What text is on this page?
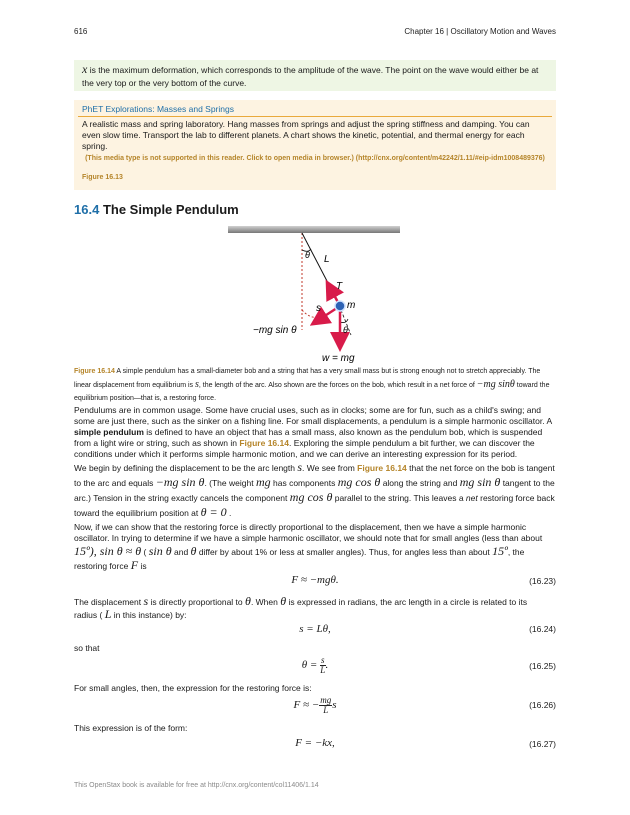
616	Chapter 16 | Oscillatory Motion and Waves

x is the maximum deformation, which corresponds to the amplitude of the wave. The point on the wave would either be at the very top or the very bottom of the curve.

PhET Explorations: Masses and Springs
A realistic mass and spring laboratory. Hang masses from springs and adjust the spring stiffness and damping. You can even slow time. Transport the lab to different planets. A chart shows the kinetic, potential, and thermal energy for each spring.
(This media type is not supported in this reader. Click to open media in browser.) (http://cnx.org/content/m42242/1.11/#eip-idm1008489376)
Figure 16.13
16.4 The Simple Pendulum
θ L
T
s	m
−mg sin θ	θ
w = mg
Figure 16.14 A simple pendulum has a small-diameter bob and a string that has a very small mass but is strong enough not to stretch appreciably. The linear displacement from equilibrium is s, the length of the arc. Also shown are the forces on the bob, which result in a net force of −mg sinθ toward the equilibrium position—that is, a restoring force.
Pendulums are in common usage. Some have crucial uses, such as in clocks; some are for fun, such as a child's swing; and some are just there, such as the sinker on a fishing line. For small displacements, a pendulum is a simple harmonic oscillator. A simple pendulum is defined to have an object that has a small mass, also known as the pendulum bob, which is suspended from a light wire or string, such as shown in Figure 16.14. Exploring the simple pendulum a bit further, we can discover the conditions under which it performs simple harmonic motion, and we can derive an interesting expression for its period.
We begin by defining the displacement to be the arc length s. We see from Figure 16.14 that the net force on the bob is tangent
to the arc and equals −mg sin θ. (The weight mg has components mg cos θ along the string and mg sin θ tangent to the
arc.) Tension in the string exactly cancels the component mg cos θ parallel to the string. This leaves a net restoring force back
toward the equilibrium position at θ = 0 .
Now, if we can show that the restoring force is directly proportional to the displacement, then we have a simple harmonic oscillator. In trying to determine if we have a simple harmonic oscillator, we should note that for small angles (less than about
15º), sin θ ≈ θ ( sin θ and θ differ by about 1% or less at smaller angles). Thus, for angles less than about 15º, the
restoring force F is
F ≈ −mgθ.	(16.23)
The displacement s is directly proportional to θ. When θ is expressed in radians, the arc length in a circle is related to its
radius ( L in this instance) by:
s = Lθ,	(16.24)
so that
$\theta = \frac{s}{L}$ .	(16.25)
For small angles, then, the expression for the restoring force is:
F ≈ − $\frac{mg}{L}$ s	(16.26)
This expression is of the form:
F = −kx,	(16.27)
This OpenStax book is available for free at http://cnx.org/content/col11406/1.14
